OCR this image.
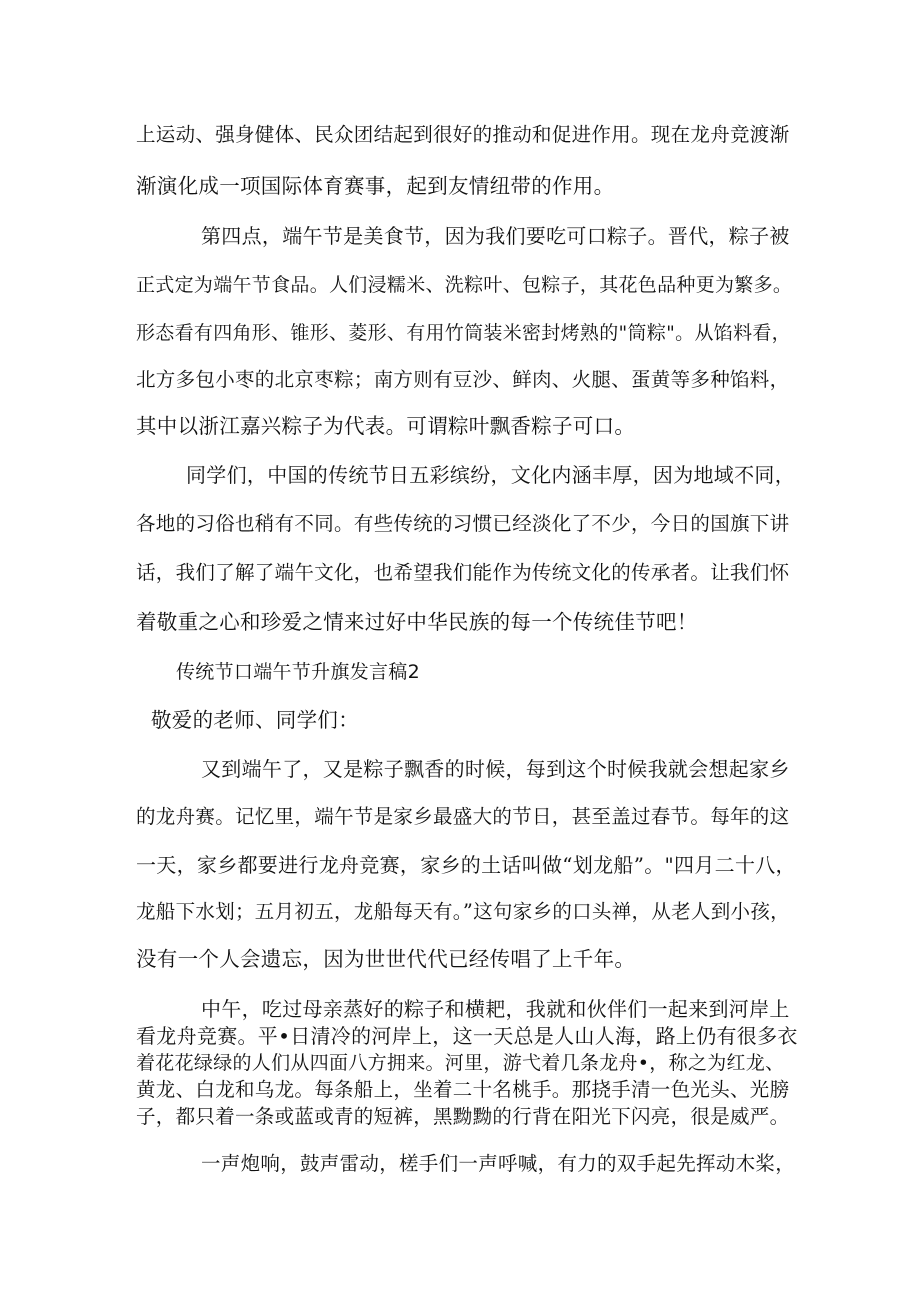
上运动、强身健体、民众团结起到很好的推动和促进作用。现在龙舟竞渡渐
渐演化成一项国际体育赛事，起到友情纽带的作用。
第四点，端午节是美食节，因为我们要吃可口粽子。晋代，粽子被
正式定为端午节食品。人们浸糯米、洗粽叶、包粽子，其花色品种更为繁多。
形态看有四角形、锥形、菱形、有用竹筒装米密封烤熟的"筒粽"。从馅料看，
北方多包小枣的北京枣粽；南方则有豆沙、鲜肉、火腿、蛋黄等多种馅料，
其中以浙江嘉兴粽子为代表。可谓粽叶飘香粽子可口。
同学们，中国的传统节日五彩缤纷，文化内涵丰厚，因为地域不同，
各地的习俗也稍有不同。有些传统的习惯已经淡化了不少，今日的国旗下讲
话，我们了解了端午文化，也希望我们能作为传统文化的传承者。让我们怀
着敬重之心和珍爱之情来过好中华民族的每一个传统佳节吧！
传统节口端午节升旗发言稿2
敬爱的老师、同学们：
又到端午了，又是粽子飘香的时候，每到这个时候我就会想起家乡
的龙舟赛。记忆里，端午节是家乡最盛大的节日，甚至盖过春节。每年的这
一天，家乡都要进行龙舟竞赛，家乡的土话叫做“划龙船”。"四月二十八，
龙船下水划；五月初五，龙船每天有。”这句家乡的口头禅，从老人到小孩，
没有一个人会遗忘，因为世世代代已经传唱了上千年。
中午，吃过母亲蒸好的粽子和横耙，我就和伙伴们一起来到河岸上
看龙舟竞赛。平•日清冷的河岸上，这一天总是人山人海，路上仍有很多衣
着花花绿绿的人们从四面八方拥来。河里，游弋着几条龙舟•，称之为红龙、
黄龙、白龙和乌龙。每条船上，坐着二十名桃手。那挠手清一色光头、光膀
子，都只着一条或蓝或青的短裤，黑黝黝的行背在阳光下闪亮，很是威严。
一声炮响，鼓声雷动，槎手们一声呼喊，有力的双手起先挥动木桨，
